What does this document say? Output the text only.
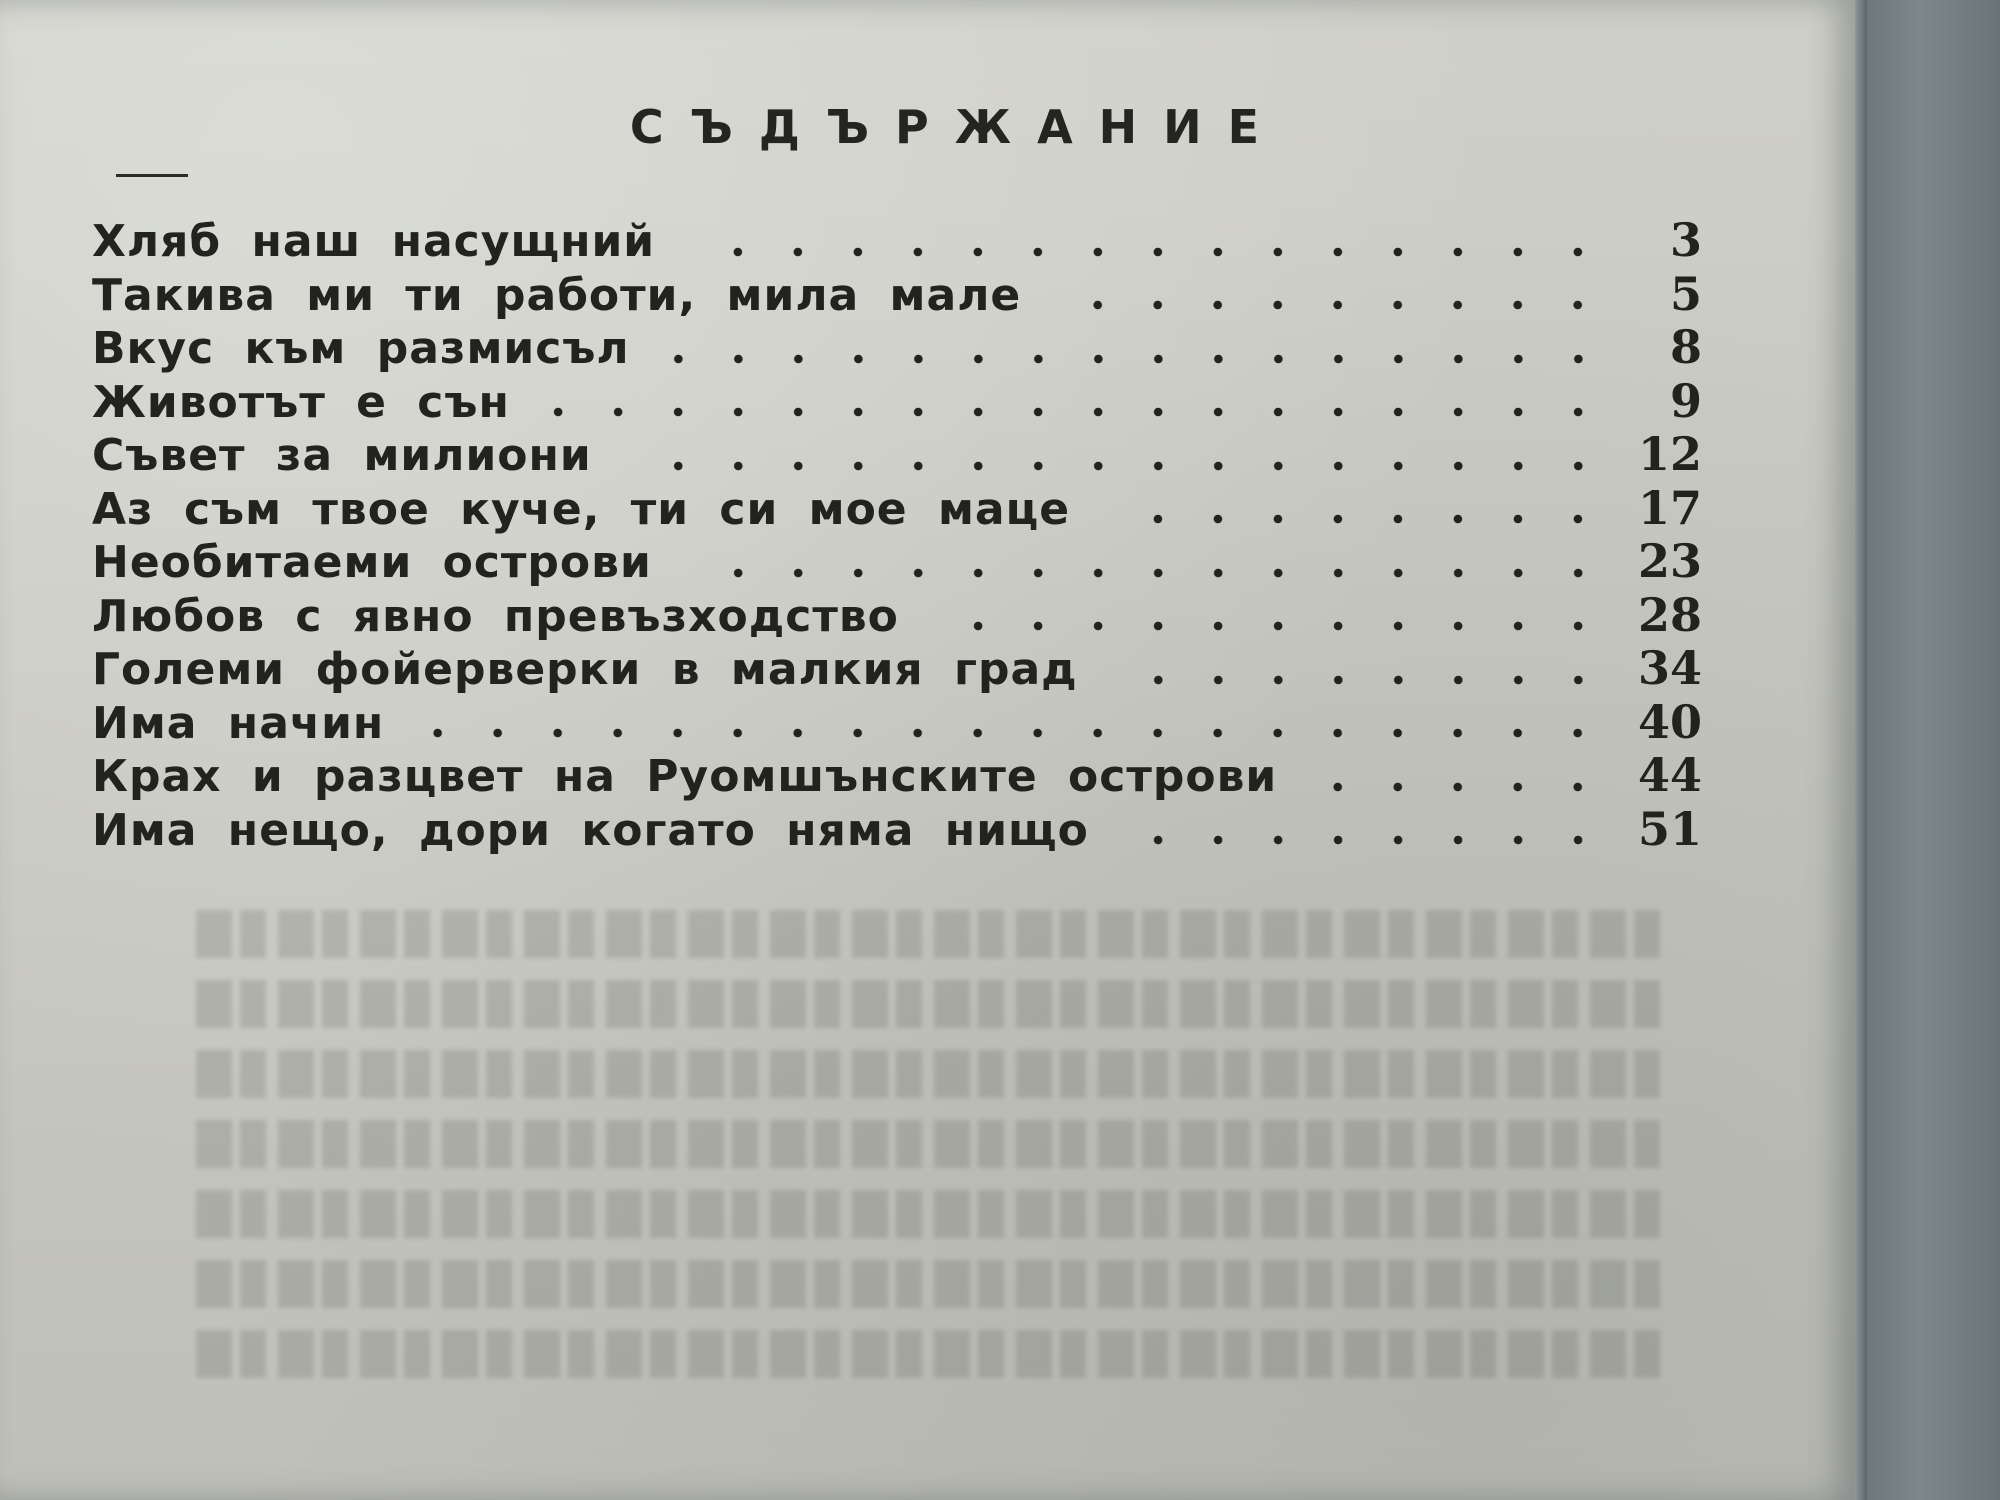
СЪДЪРЖАНИЕ
Хляб наш насущний	3
Такива ми ти работи, мила мале	5
Вкус към размисъл	8
Животът е сън	9
Съвет за милиони	12
Аз съм твое куче, ти си мое маце	17
Необитаеми острови	23
Любов с явно превъзходство	28
Големи фойерверки в малкия град	34
Има начин	40
Крах и разцвет на Руомшънските острови	44
Има нещо, дори когато няма нищо	51
